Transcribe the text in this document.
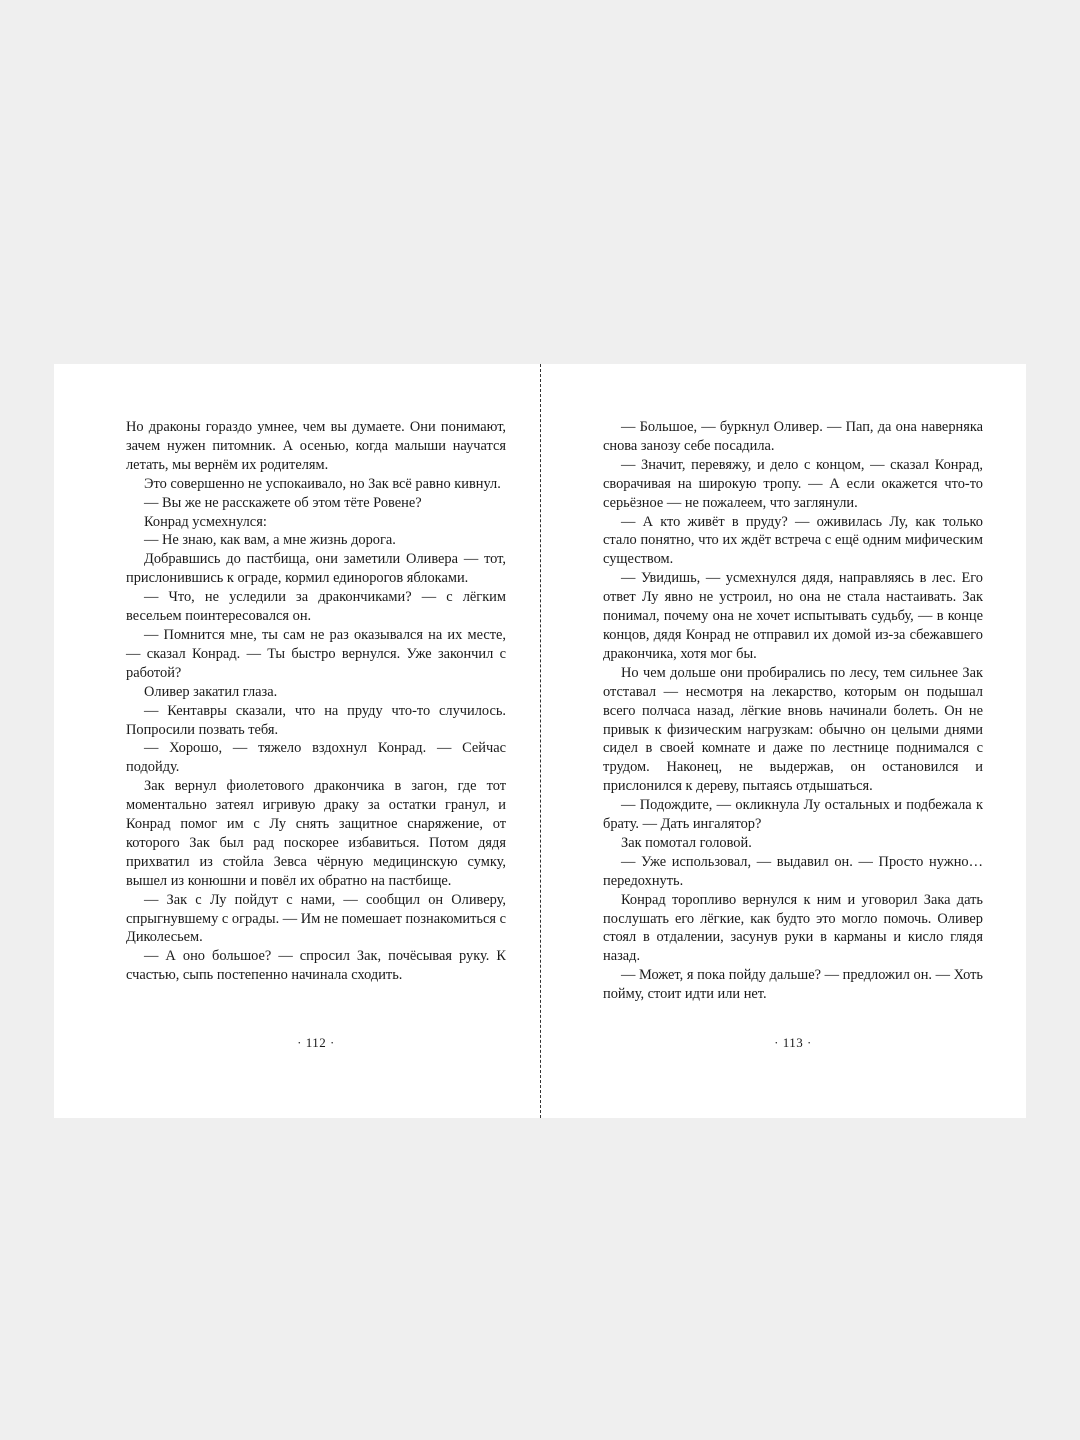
Но драконы гораздо умнее, чем вы думаете. Они понимают, зачем нужен питомник. А осенью, когда малыши научатся летать, мы вернём их родителям.

Это совершенно не успокаивало, но Зак всё равно кивнул.

— Вы же не расскажете об этом тёте Ровене?

Конрад усмехнулся:

— Не знаю, как вам, а мне жизнь дорога.

Добравшись до пастбища, они заметили Оливера — тот, прислонившись к ограде, кормил единорогов яблоками.

— Что, не уследили за дракончиками? — с лёгким весельем поинтересовался он.

— Помнится мне, ты сам не раз оказывался на их месте, — сказал Конрад. — Ты быстро вернулся. Уже закончил с работой?

Оливер закатил глаза.

— Кентавры сказали, что на пруду что-то случилось. Попросили позвать тебя.

— Хорошо, — тяжело вздохнул Конрад. — Сейчас подойду.

Зак вернул фиолетового дракончика в загон, где тот моментально затеял игривую драку за остатки гранул, и Конрад помог им с Лу снять защитное снаряжение, от которого Зак был рад поскорее избавиться. Потом дядя прихватил из стойла Зевса чёрную медицинскую сумку, вышел из конюшни и повёл их обратно на пастбище.

— Зак с Лу пойдут с нами, — сообщил он Оливеру, спрыгнувшему с ограды. — Им не помешает познакомиться с Диколесьем.

— А оно большое? — спросил Зак, почёсывая руку. К счастью, сыпь постепенно начинала сходить.

· 112 ·

— Большое, — буркнул Оливер. — Пап, да она наверняка снова занозу себе посадила.

— Значит, перевяжу, и дело с концом, — сказал Конрад, сворачивая на широкую тропу. — А если окажется что-то серьёзное — не пожалеем, что заглянули.

— А кто живёт в пруду? — оживилась Лу, как только стало понятно, что их ждёт встреча с ещё одним мифическим существом.

— Увидишь, — усмехнулся дядя, направляясь в лес. Его ответ Лу явно не устроил, но она не стала настаивать. Зак понимал, почему она не хочет испытывать судьбу, — в конце концов, дядя Конрад не отправил их домой из-за сбежавшего дракончика, хотя мог бы.

Но чем дольше они пробирались по лесу, тем сильнее Зак отставал — несмотря на лекарство, которым он подышал всего полчаса назад, лёгкие вновь начинали болеть. Он не привык к физическим нагрузкам: обычно он целыми днями сидел в своей комнате и даже по лестнице поднимался с трудом. Наконец, не выдержав, он остановился и прислонился к дереву, пытаясь отдышаться.

— Подождите, — окликнула Лу остальных и подбежала к брату. — Дать ингалятор?

Зак помотал головой.

— Уже использовал, — выдавил он. — Просто нужно… передохнуть.

Конрад торопливо вернулся к ним и уговорил Зака дать послушать его лёгкие, как будто это могло помочь. Оливер стоял в отдалении, засунув руки в карманы и кисло глядя назад.

— Может, я пока пойду дальше? — предложил он. — Хоть пойму, стоит идти или нет.

· 113 ·
